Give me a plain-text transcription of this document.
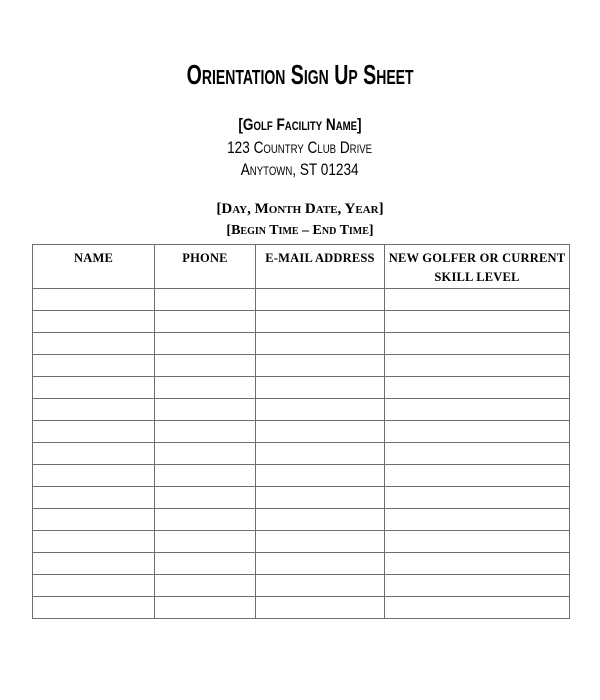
Orientation Sign Up Sheet
[Golf Facility Name]
123 Country Club Drive
Anytown, ST 01234
[Day, Month Date, Year]
[Begin Time – End Time]
NAME	PHONE	E-MAIL ADDRESS	NEW GOLFER OR CURRENT SKILL LEVEL
